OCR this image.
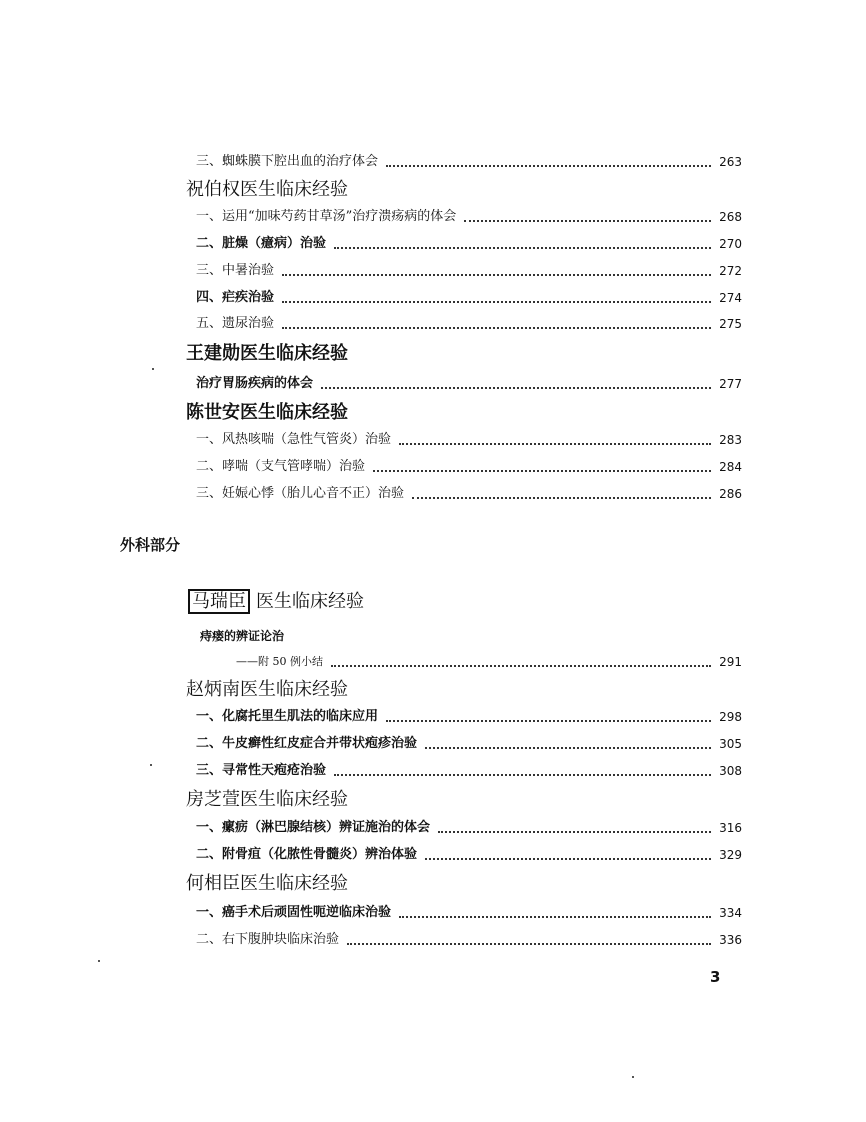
三、蜘蛛膜下腔出血的治疗体会	263
祝伯权医生临床经验
一、运用“加味芍药甘草汤”治疗溃疡病的体会	268
二、脏燥（癔病）治验	270
三、中暑治验	272
四、疟疾治验	274
五、遗尿治验	275
王建勋医生临床经验
治疗胃肠疾病的体会	277
陈世安医生临床经验
一、风热咳喘（急性气管炎）治验	283
二、哮喘（支气管哮喘）治验	284
三、妊娠心悸（胎儿心音不正）治验	286
外科部分
马瑞臣 医生临床经验
痔瘘的辨证论治
——附 50 例小结	291
赵炳南医生临床经验
一、化腐托里生肌法的临床应用	298
二、牛皮癣性红皮症合并带状疱疹治验	305
三、寻常性天疱疮治验	308
房芝萱医生临床经验
一、瘰疬（淋巴腺结核）辨证施治的体会	316
二、附骨疽（化脓性骨髓炎）辨治体验	329
何相臣医生临床经验
一、癌手术后顽固性呃逆临床治验	334
二、右下腹肿块临床治验	336
3
